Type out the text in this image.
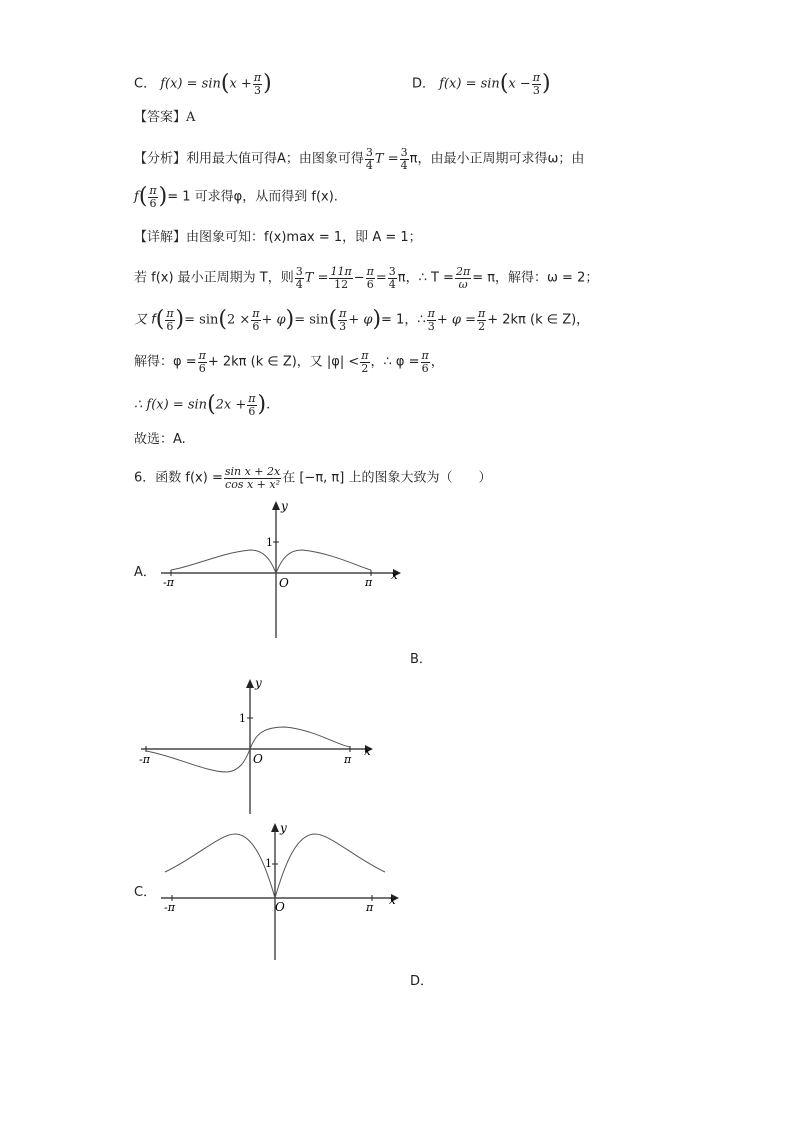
C． $f(x) = \sin(x + \frac{\pi}{3}$ )	D． $f(x) = \sin(x - \frac{\pi}{3}$ )
【答案】A
【分析】利用最大值可得A；由图象可得 $\frac{3}{4}$ $T = \frac{3}{4}$ π，由最小正周期可求得ω；由
$f( \frac{\pi}{6}$ )= 1 可求得φ，从而得到 f(x).
【详解】由图象可知：f(x)max = 1，即 A = 1；
若 f(x) 最小正周期为 T，则 $\frac{3}{4}$ $T = \frac{11\pi}{12} - \frac{\pi}{6} = \frac{3}{4}$ π，∴ $T = \frac{2\pi}{\omega} = \pi$，解得：ω = 2；
又 $f( \frac{\pi}{6}$ )= $\sin(2 \times \frac{\pi}{6} + \varphi)= \sin( \frac{\pi}{3} + \varphi)= 1$，∴ $\frac{\pi}{3} + \varphi = \frac{\pi}{2} + 2k\pi$ (k ∈ Z)，
解得：$\varphi = \frac{\pi}{6} + 2k\pi$ (k ∈ Z)，又 $|\varphi| < \frac{\pi}{2}$ ，∴ $\varphi = \frac{\pi}{6}$ ，
∴ $f(x) = \sin(2x + \frac{\pi}{6}$ ).
故选：A.
6．函数 $f(x) = \frac{\text{sin x + 2x}}{\text{cos x + x²}}$ 在 [−π, π] 上的图象大致为（　　）
A．
B．
C．
D．
-π	π
1
O
x
y
-π	π
1
O
x
y
-π	π
1
O	x
y
